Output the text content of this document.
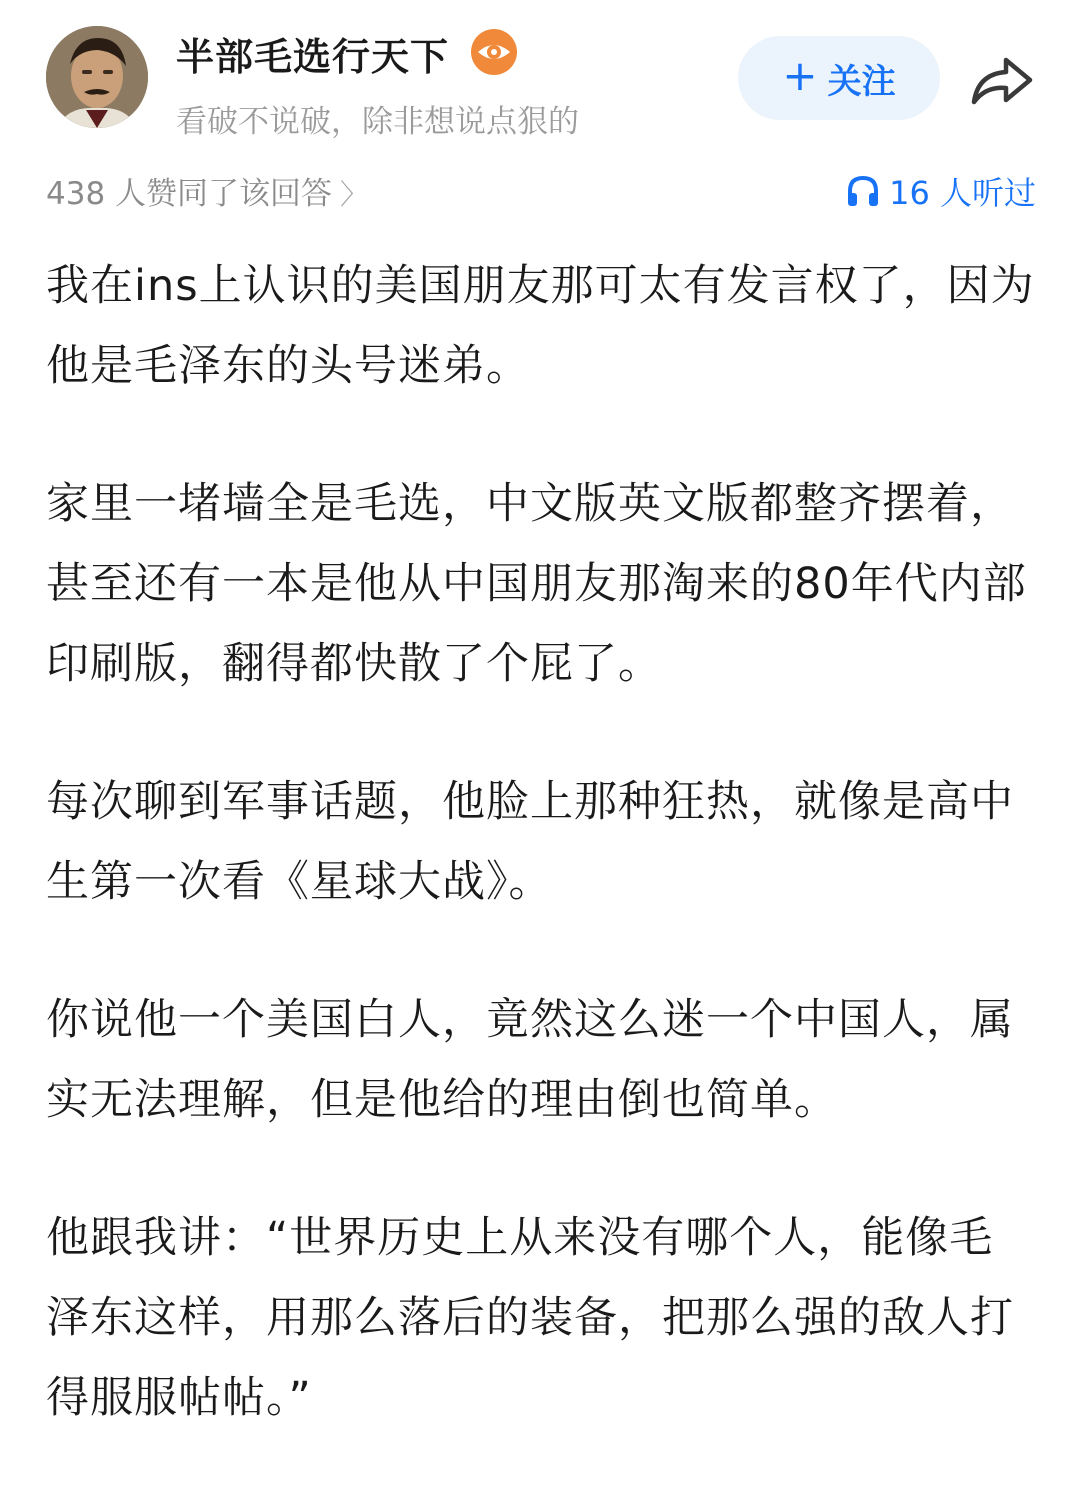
半部毛选行天下
看破不说破，除非想说点狠的
+ 关注
438 人赞同了该回答 〉	16 人听过

我在ins上认识的美国朋友那可太有发言权了，因为他是毛泽东的头号迷弟。

家里一堵墙全是毛选，中文版英文版都整齐摆着，甚至还有一本是他从中国朋友那淘来的80年代内部印刷版，翻得都快散了个屁了。

每次聊到军事话题，他脸上那种狂热，就像是高中生第一次看《星球大战》。

你说他一个美国白人，竟然这么迷一个中国人，属实无法理解，但是他给的理由倒也简单。

他跟我讲：“世界历史上从来没有哪个人，能像毛泽东这样，用那么落后的装备，把那么强的敌人打得服服帖帖。”
